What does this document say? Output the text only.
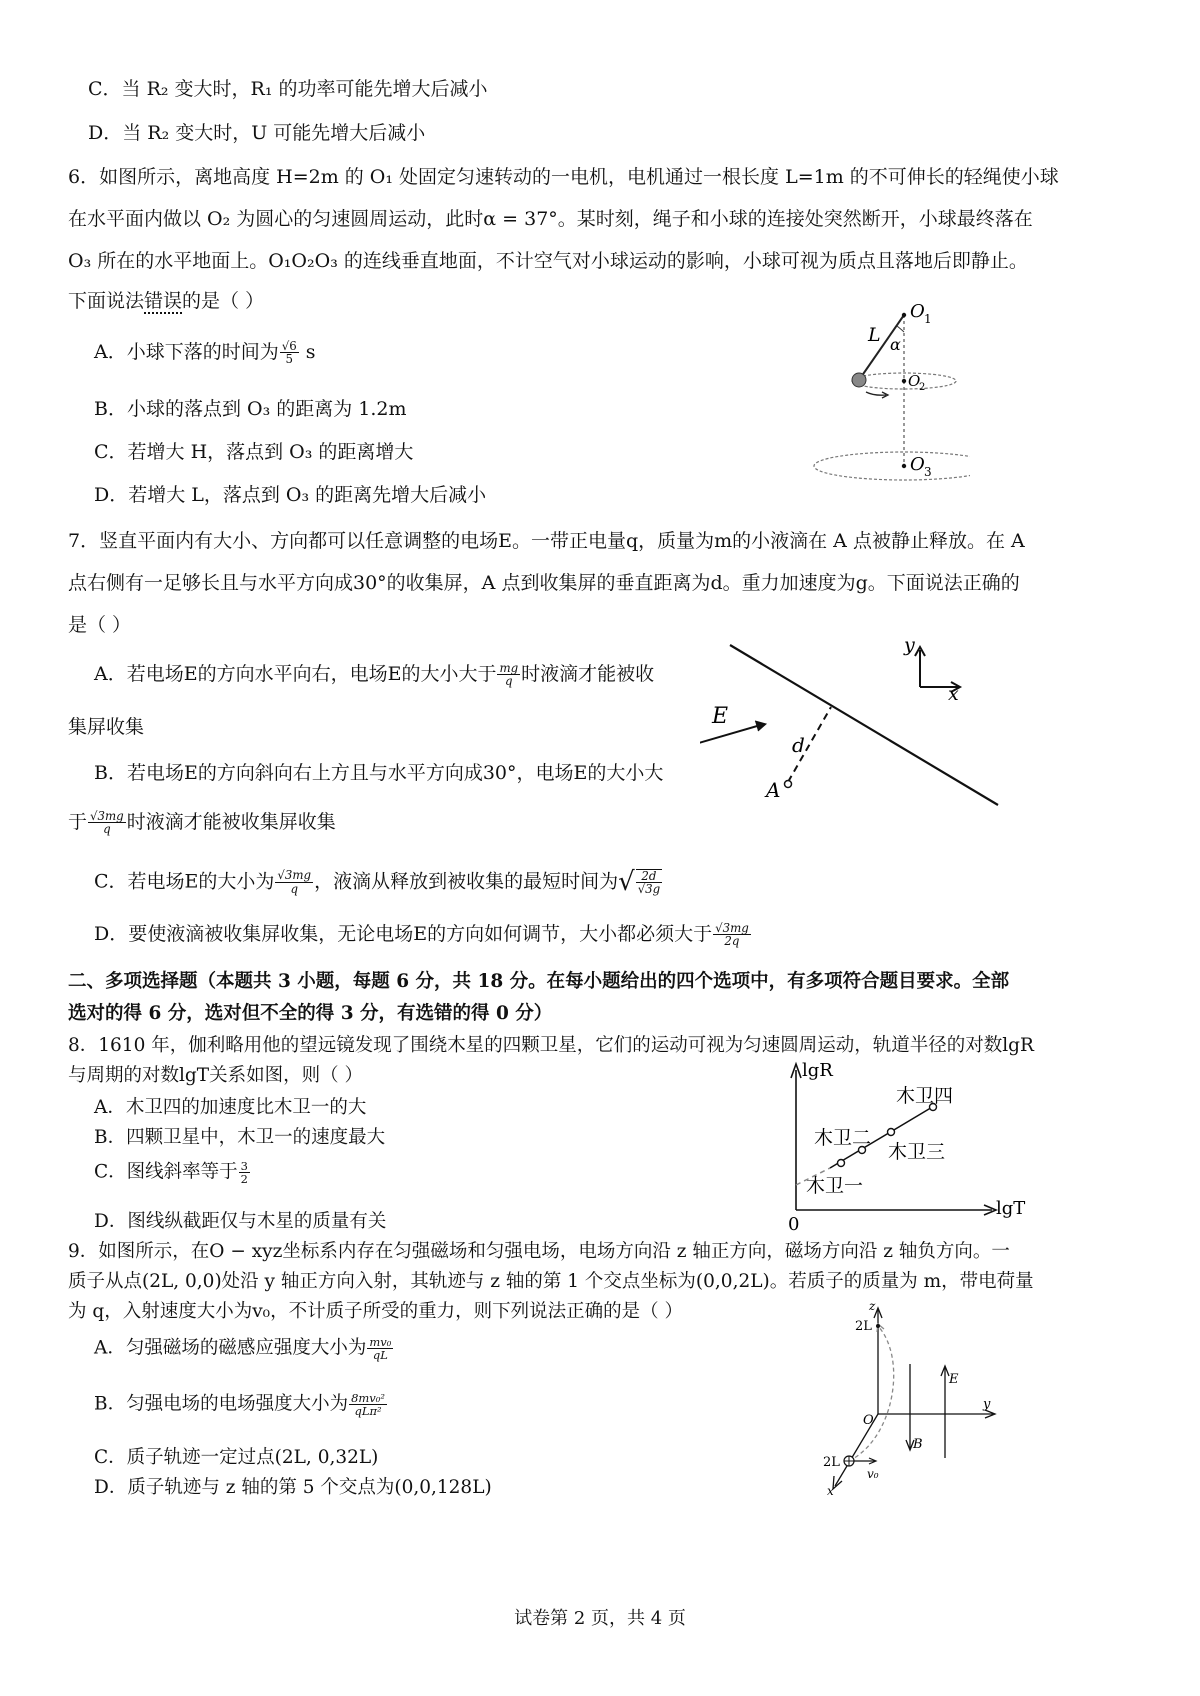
C．当 R₂ 变大时，R₁ 的功率可能先增大后减小
D．当 R₂ 变大时，U 可能先增大后减小
6．如图所示，离地高度 H=2m 的 O₁ 处固定匀速转动的一电机，电机通过一根长度 L=1m 的不可伸长的轻绳使小球
在水平面内做以 O₂ 为圆心的匀速圆周运动，此时α = 37°。某时刻，绳子和小球的连接处突然断开，小球最终落在
O₃ 所在的水平地面上。O₁O₂O₃ 的连线垂直地面，不计空气对小球运动的影响，小球可视为质点且落地后即静止。
下面说法错误的是（ ）
A．小球下落的时间为 $\frac{√6}{5}$ s
B．小球的落点到 O₃ 的距离为 1.2m
C．若增大 H，落点到 O₃ 的距离增大
D．若增大 L，落点到 O₃ 的距离先增大后减小
L
O 1
α
O
2
O 3
7．竖直平面内有大小、方向都可以任意调整的电场E。一带正电量q，质量为m的小液滴在 A 点被静止释放。在 A
点右侧有一足够长且与水平方向成30°的收集屏，A 点到收集屏的垂直距离为d。重力加速度为g。下面说法正确的
是（ ）
A．若电场E的方向水平向右，电场E的大小大于 $\frac{mg}{q}$ 时液滴才能被收
集屏收集
B．若电场E的方向斜向右上方且与水平方向成30°，电场E的大小大
于 $\frac{√3mg}{q}$ 时液滴才能被收集屏收集
C．若电场E的大小为 $\frac{√3mg}{q}$ ，液滴从释放到被收集的最短时间为√ $\frac{2d}{√3g}$
D．要使液滴被收集屏收集，无论电场E的方向如何调节，大小都必须大于 $\frac{√3mg}{2q}$
y
x
E
d
A
二、多项选择题（本题共 3 小题，每题 6 分，共 18 分。在每小题给出的四个选项中，有多项符合题目要求。全部
选对的得 6 分，选对但不全的得 3 分，有选错的得 0 分）
8．1610 年，伽利略用他的望远镜发现了围绕木星的四颗卫星，它们的运动可视为匀速圆周运动，轨道半径的对数lgR
与周期的对数lgT关系如图，则（ ）
A．木卫四的加速度比木卫一的大
B．四颗卫星中，木卫一的速度最大
C．图线斜率等于 $\frac{3}{2}$
D．图线纵截距仅与木星的质量有关
lgR
lgT
0
木卫四
木卫二
木卫三
木卫一
9．如图所示，在O − xyz坐标系内存在匀强磁场和匀强电场，电场方向沿 z 轴正方向，磁场方向沿 z 轴负方向。一
质子从点(2L, 0,0)处沿 y 轴正方向入射，其轨迹与 z 轴的第 1 个交点坐标为(0,0,2L)。若质子的质量为 m，带电荷量
为 q，入射速度大小为v₀，不计质子所受的重力，则下列说法正确的是（ ）
A．匀强磁场的磁感应强度大小为 $\frac{\text{mv₀}}{qL}$
B．匀强电场的电场强度大小为 $\frac{\text{8mv₀²}}{\text{qLπ²}}$
C．质子轨迹一定过点(2L, 0,32L)
D．质子轨迹与 z 轴的第 5 个交点为(0,0,128L)
z
2L
E
O
y
B
2L
v₀
x
试卷第 2 页，共 4 页
